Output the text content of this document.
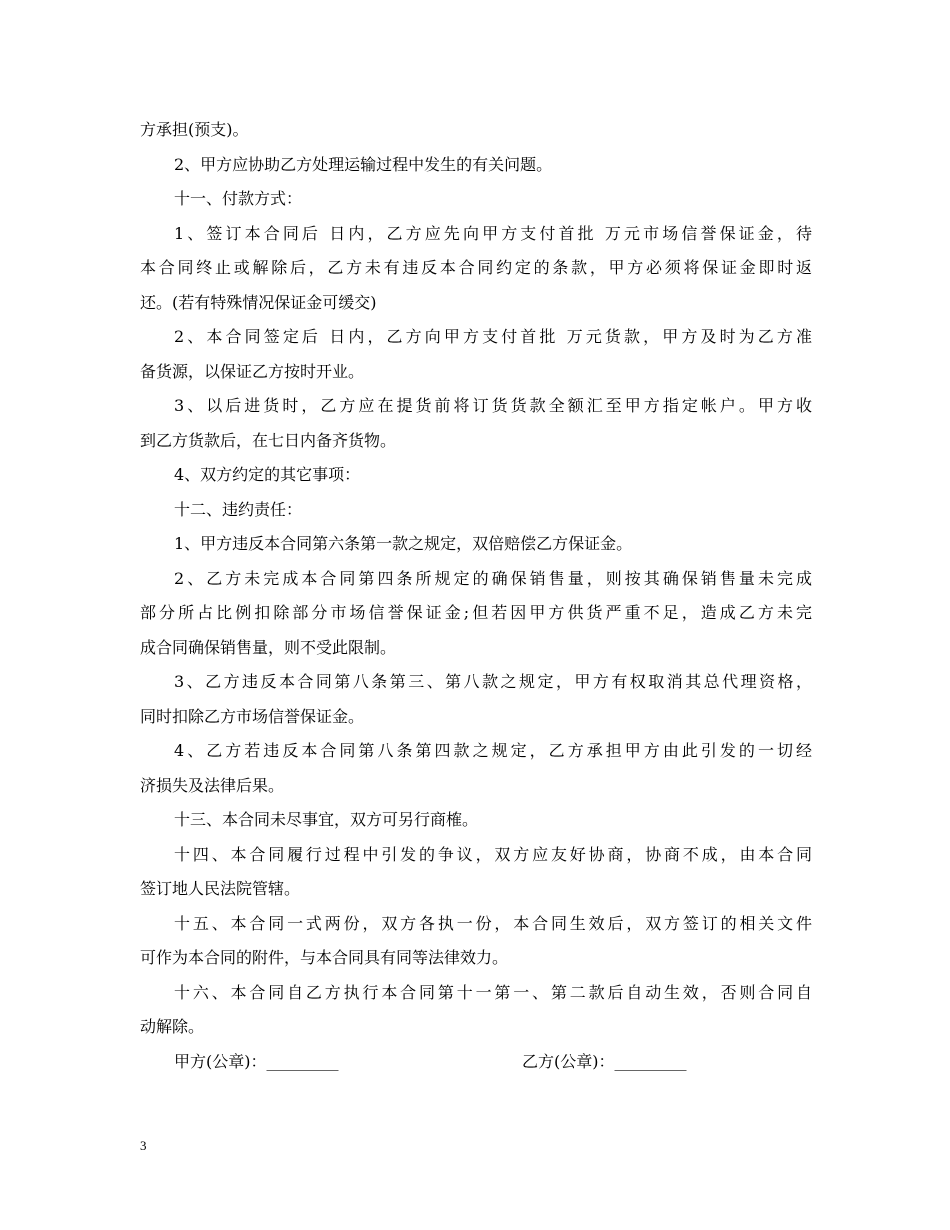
方承担(预支)。
2、甲方应协助乙方处理运输过程中发生的有关问题。
十一、付款方式：
1、签订本合同后 日内，乙方应先向甲方支付首批 万元市场信誉保证金，待
本合同终止或解除后，乙方未有违反本合同约定的条款，甲方必须将保证金即时返
还。(若有特殊情况保证金可缓交)
2、本合同签定后 日内，乙方向甲方支付首批 万元货款，甲方及时为乙方准
备货源，以保证乙方按时开业。
3、以后进货时，乙方应在提货前将订货货款全额汇至甲方指定帐户。甲方收
到乙方货款后，在七日内备齐货物。
4、双方约定的其它事项：
十二、违约责任：
1、甲方违反本合同第六条第一款之规定，双倍赔偿乙方保证金。
2、乙方未完成本合同第四条所规定的确保销售量，则按其确保销售量未完成
部分所占比例扣除部分市场信誉保证金;但若因甲方供货严重不足，造成乙方未完
成合同确保销售量，则不受此限制。
3、乙方违反本合同第八条第三、第八款之规定，甲方有权取消其总代理资格，
同时扣除乙方市场信誉保证金。
4、乙方若违反本合同第八条第四款之规定，乙方承担甲方由此引发的一切经
济损失及法律后果。
十三、本合同未尽事宜，双方可另行商榷。
十四、本合同履行过程中引发的争议，双方应友好协商，协商不成，由本合同
签订地人民法院管辖。
十五、本合同一式两份，双方各执一份，本合同生效后，双方签订的相关文件
可作为本合同的附件，与本合同具有同等法律效力。
十六、本合同自乙方执行本合同第十一第一、第二款后自动生效，否则合同自
动解除。
甲方(公章)：_________	乙方(公章)：_________
3
